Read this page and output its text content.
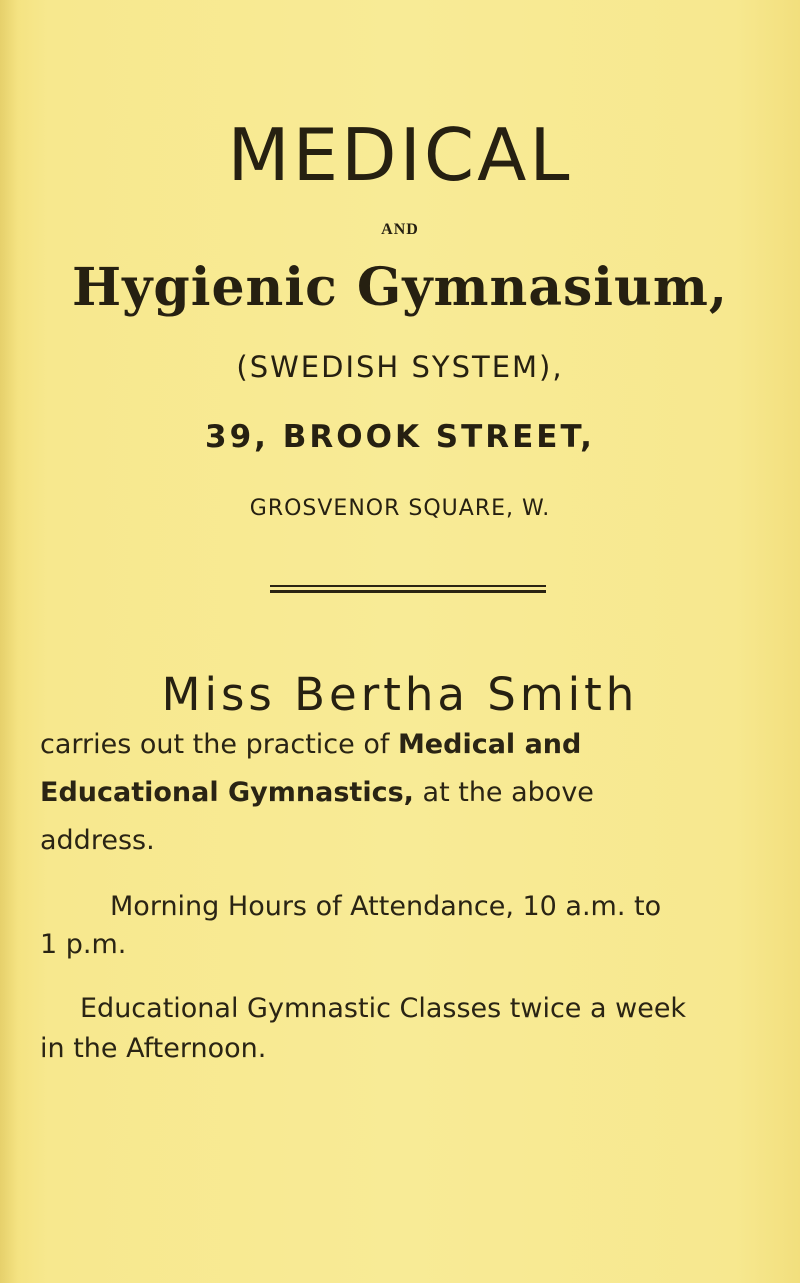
MEDICAL
AND
Hygienic Gymnasium,
(SWEDISH SYSTEM),
39, BROOK STREET,
GROSVENOR SQUARE, W.
Miss Bertha Smith
carries out the practice of Medical and
Educational Gymnastics, at the above
address.
Morning Hours of Attendance, 10 a.m. to
1 p.m.
Educational Gymnastic Classes twice a week
in the Afternoon.
